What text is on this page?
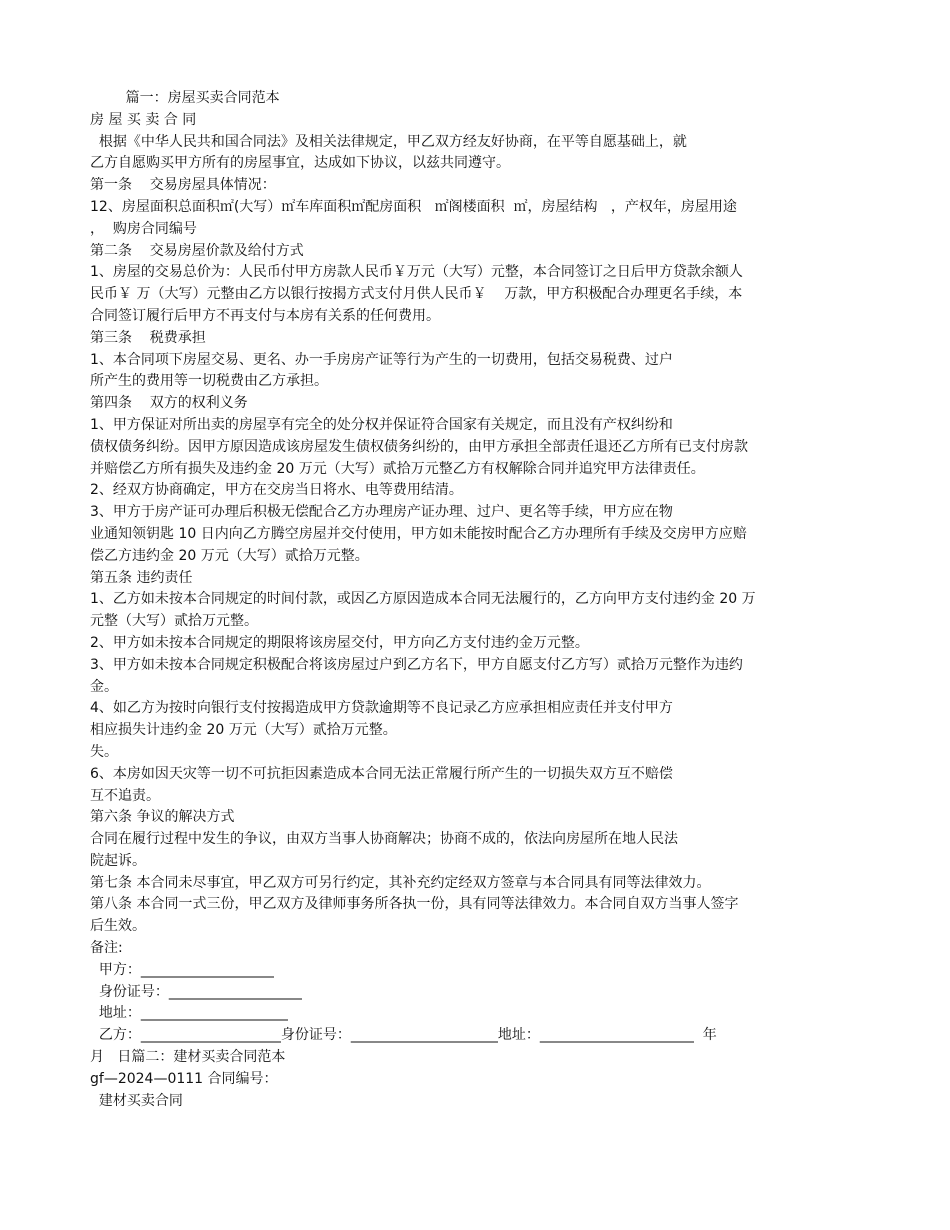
篇一：房屋买卖合同范本
房 屋 买 卖 合 同
根据《中华人民共和国合同法》及相关法律规定，甲乙双方经友好协商，在平等自愿基础上，就
乙方自愿购买甲方所有的房屋事宜，达成如下协议，以兹共同遵守。
第一条    交易房屋具体情况：
12、房屋面积总面积㎡(大写）㎡车库面积㎡配房面积   ㎡阁楼面积  ㎡，房屋结构   ，产权年，房屋用途
，  购房合同编号
第二条    交易房屋价款及给付方式
1、房屋的交易总价为：人民币付甲方房款人民币￥万元（大写）元整，本合同签订之日后甲方贷款余额人
民币￥ 万（大写）元整由乙方以银行按揭方式支付月供人民币￥    万款，甲方积极配合办理更名手续，本
合同签订履行后甲方不再支付与本房有关系的任何费用。
第三条    税费承担
1、本合同项下房屋交易、更名、办一手房房产证等行为产生的一切费用，包括交易税费、过户
所产生的费用等一切税费由乙方承担。
第四条    双方的权利义务
1、甲方保证对所出卖的房屋享有完全的处分权并保证符合国家有关规定，而且没有产权纠纷和
债权债务纠纷。因甲方原因造成该房屋发生债权债务纠纷的，由甲方承担全部责任退还乙方所有已支付房款
并赔偿乙方所有损失及违约金 20 万元（大写）贰拾万元整乙方有权解除合同并追究甲方法律责任。
2、经双方协商确定，甲方在交房当日将水、电等费用结清。
3、甲方于房产证可办理后积极无偿配合乙方办理房产证办理、过户、更名等手续，甲方应在物
业通知领钥匙 10 日内向乙方腾空房屋并交付使用，甲方如未能按时配合乙方办理所有手续及交房甲方应赔
偿乙方违约金 20 万元（大写）贰拾万元整。
第五条 违约责任
1、乙方如未按本合同规定的时间付款，或因乙方原因造成本合同无法履行的，乙方向甲方支付违约金 20 万
元整（大写）贰拾万元整。
2、甲方如未按本合同规定的期限将该房屋交付，甲方向乙方支付违约金万元整。
3、甲方如未按本合同规定积极配合将该房屋过户到乙方名下，甲方自愿支付乙方写）贰拾万元整作为违约
金。
4、如乙方为按时向银行支付按揭造成甲方贷款逾期等不良记录乙方应承担相应责任并支付甲方
相应损失计违约金 20 万元（大写）贰拾万元整。
失。
6、本房如因天灾等一切不可抗拒因素造成本合同无法正常履行所产生的一切损失双方互不赔偿
互不追责。
第六条 争议的解决方式
合同在履行过程中发生的争议，由双方当事人协商解决；协商不成的，依法向房屋所在地人民法
院起诉。
第七条 本合同未尽事宜，甲乙双方可另行约定，其补充约定经双方签章与本合同具有同等法律效力。
第八条 本合同一式三份，甲乙双方及律师事务所各执一份，具有同等法律效力。本合同自双方当事人签字
后生效。
备注:
甲方：___________________
身份证号：___________________
地址：_____________________
乙方：____________________身份证号：_____________________地址：______________________  年
月   日篇二：建材买卖合同范本
gf—2024—0111 合同编号：
建材买卖合同
